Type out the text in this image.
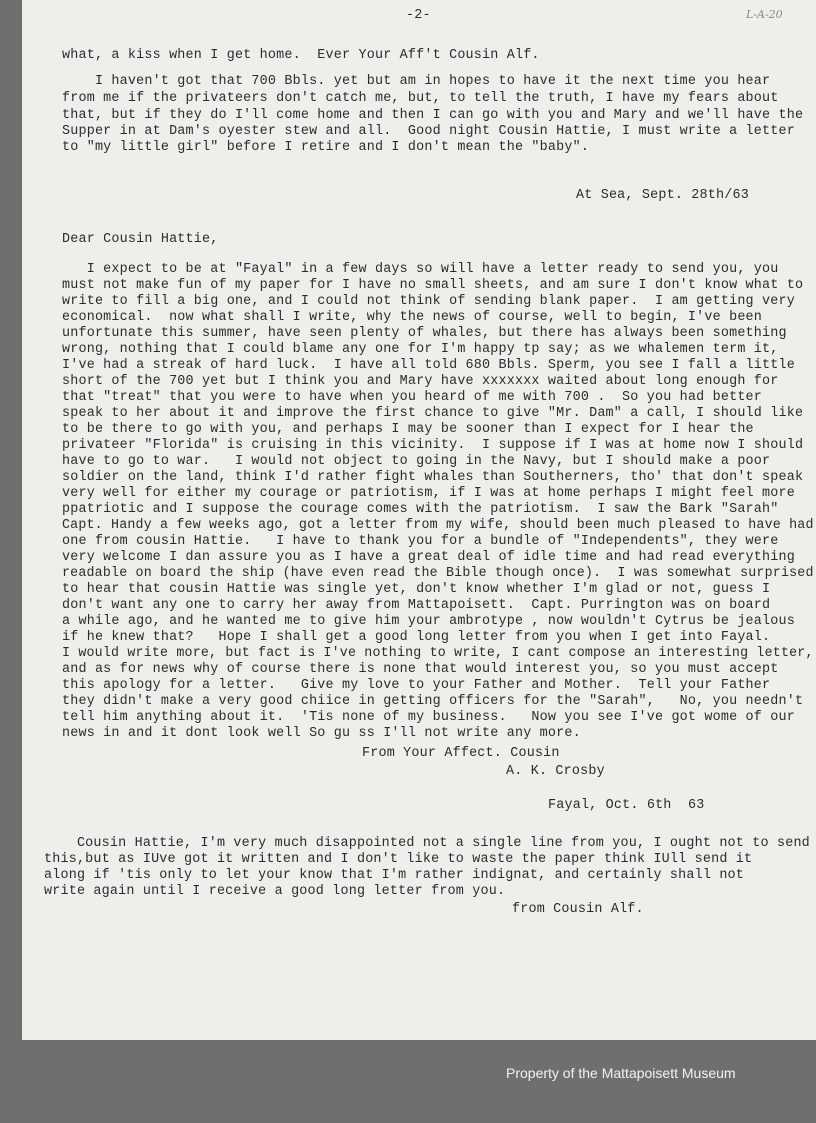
L-A-20
-2-
what, a kiss when I get home.  Ever Your Aff't Cousin Alf.
I haven't got that 700 Bbls. yet but am in hopes to have it the next time you hear
from me if the privateers don't catch me, but, to tell the truth, I have my fears about
that, but if they do I'll come home and then I can go with you and Mary and we'll have the
Supper in at Dam's oyester stew and all.  Good night Cousin Hattie, I must write a letter
to "my little girl" before I retire and I don't mean the "baby".
At Sea, Sept. 28th/63
Dear Cousin Hattie,
I expect to be at "Fayal" in a few days so will have a letter ready to send you, you
must not make fun of my paper for I have no small sheets, and am sure I don't know what to
write to fill a big one, and I could not think of sending blank paper.  I am getting very
economical.  now what shall I write, why the news of course, well to begin, I've been
unfortunate this summer, have seen plenty of whales, but there has always been something
wrong, nothing that I could blame any one for I'm happy tp say; as we whalemen term it,
I've had a streak of hard luck.  I have all told 680 Bbls. Sperm, you see I fall a little
short of the 700 yet but I think you and Mary have xxxxxxx waited about long enough for
that "treat" that you were to have when you heard of me with 700 .  So you had better
speak to her about it and improve the first chance to give "Mr. Dam" a call, I should like
to be there to go with you, and perhaps I may be sooner than I expect for I hear the
privateer "Florida" is cruising in this vicinity.  I suppose if I was at home now I should
have to go to war.   I would not object to going in the Navy, but I should make a poor
soldier on the land, think I'd rather fight whales than Southerners, tho' that don't speak
very well for either my courage or patriotism, if I was at home perhaps I might feel more
ppatriotic and I suppose the courage comes with the patriotism.  I saw the Bark "Sarah"
Capt. Handy a few weeks ago, got a letter from my wife, should been much pleased to have had
one from cousin Hattie.   I have to thank you for a bundle of "Independents", they were
very welcome I dan assure you as I have a great deal of idle time and had read everything
readable on board the ship (have even read the Bible though once).  I was somewhat surprised
to hear that cousin Hattie was single yet, don't know whether I'm glad or not, guess I
don't want any one to carry her away from Mattapoisett.  Capt. Purrington was on board
a while ago, and he wanted me to give him your ambrotype , now wouldn't Cytrus be jealous
if he knew that?   Hope I shall get a good long letter from you when I get into Fayal.
I would write more, but fact is I've nothing to write, I cant compose an interesting letter,
and as for news why of course there is none that would interest you, so you must accept
this apology for a letter.   Give my love to your Father and Mother.  Tell your Father
they didn't make a very good chiice in getting officers for the "Sarah",   No, you needn't
tell him anything about it.  'Tis none of my business.   Now you see I've got wome of our
news in and it dont look well So gu ss I'll not write any more.
From Your Affect. Cousin
A. K. Crosby
Fayal, Oct. 6th  63
Cousin Hattie, I'm very much disappointed not a single line from you, I ought not to send
this,but as IUve got it written and I don't like to waste the paper think IUll send it
along if 'tis only to let your know that I'm rather indignat, and certainly shall not
write again until I receive a good long letter from you.
from Cousin Alf.
Property of the Mattapoisett Museum
